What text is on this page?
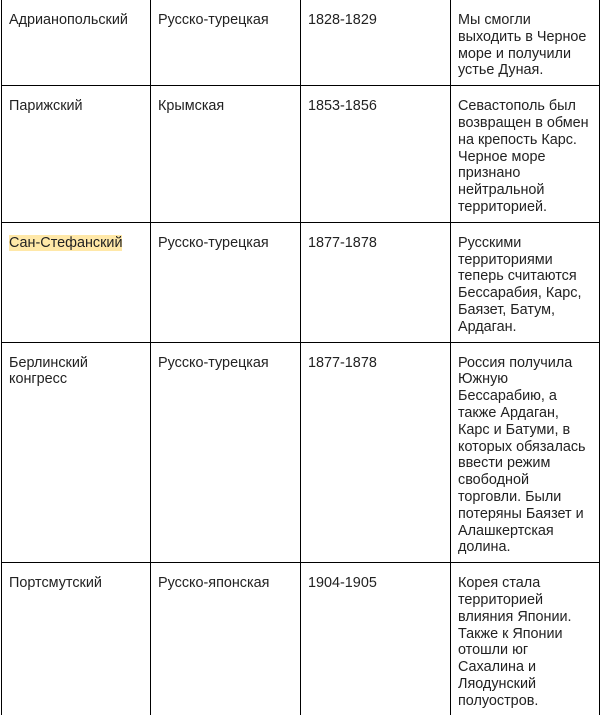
Адрианопольский	Русско-турецкая	1828-1829	Мы смогли выходить в Черное море и получили устье Дуная.
Парижский	Крымская	1853-1856	Севастополь был возвращен в обмен на крепость Карс. Черное море признано нейтральной территорией.
Сан-Стефанский	Русско-турецкая	1877-1878	Русскими территориями теперь считаются Бессарабия, Карс, Баязет, Батум, Ардаган.
Берлинский конгресс	Русско-турецкая	1877-1878	Россия получила Южную Бессарабию, а также Ардаган, Карс и Батуми, в которых обязалась ввести режим свободной торговли. Были потеряны Баязет и Алашкертская долина.
Портсмутский	Русско-японская	1904-1905	Корея стала территорией влияния Японии. Также к Японии отошли юг Сахалина и Ляодунский полуостров.
